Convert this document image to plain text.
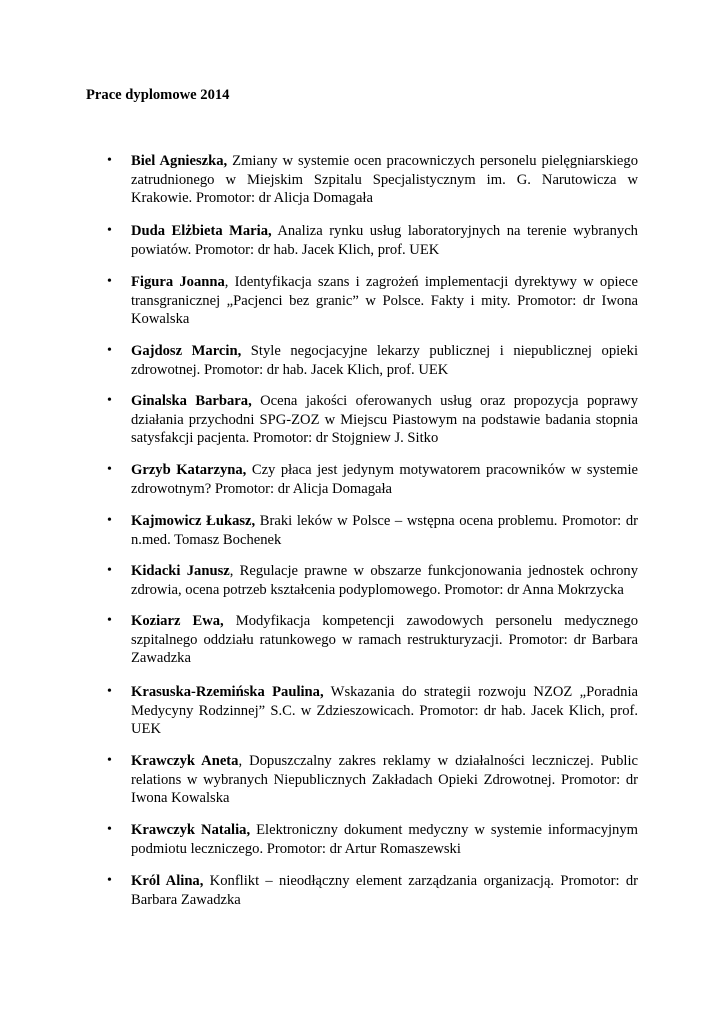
Prace dyplomowe 2014

• Biel Agnieszka, Zmiany w systemie ocen pracowniczych personelu pielęgniarskiego zatrudnionego w Miejskim Szpitalu Specjalistycznym im. G. Narutowicza w Krakowie. Promotor: dr Alicja Domagała
• Duda Elżbieta Maria, Analiza rynku usług laboratoryjnych na terenie wybranych powiatów. Promotor: dr hab. Jacek Klich, prof. UEK
• Figura Joanna, Identyfikacja szans i zagrożeń implementacji dyrektywy w opiece transgranicznej „Pacjenci bez granic” w Polsce. Fakty i mity. Promotor: dr Iwona Kowalska
• Gajdosz Marcin, Style negocjacyjne lekarzy publicznej i niepublicznej opieki zdrowotnej. Promotor: dr hab. Jacek Klich, prof. UEK
• Ginalska Barbara, Ocena jakości oferowanych usług oraz propozycja poprawy działania przychodni SPG-ZOZ w Miejscu Piastowym na podstawie badania stopnia satysfakcji pacjenta. Promotor: dr Stojgniew J. Sitko
• Grzyb Katarzyna, Czy płaca jest jedynym motywatorem pracowników w systemie zdrowotnym? Promotor: dr Alicja Domagała
• Kajmowicz Łukasz, Braki leków w Polsce – wstępna ocena problemu. Promotor: dr n.med. Tomasz Bochenek
• Kidacki Janusz, Regulacje prawne w obszarze funkcjonowania jednostek ochrony zdrowia, ocena potrzeb kształcenia podyplomowego. Promotor: dr Anna Mokrzycka
• Koziarz Ewa, Modyfikacja kompetencji zawodowych personelu medycznego szpitalnego oddziału ratunkowego w ramach restrukturyzacji. Promotor: dr Barbara Zawadzka
• Krasuska-Rzemińska Paulina, Wskazania do strategii rozwoju NZOZ „Poradnia Medycyny Rodzinnej” S.C. w Zdzieszowicach. Promotor: dr hab. Jacek Klich, prof. UEK
• Krawczyk Aneta, Dopuszczalny zakres reklamy w działalności leczniczej. Public relations w wybranych Niepublicznych Zakładach Opieki Zdrowotnej. Promotor: dr Iwona Kowalska
• Krawczyk Natalia, Elektroniczny dokument medyczny w systemie informacyjnym podmiotu leczniczego. Promotor: dr Artur Romaszewski
• Król Alina, Konflikt – nieodłączny element zarządzania organizacją. Promotor: dr Barbara Zawadzka
